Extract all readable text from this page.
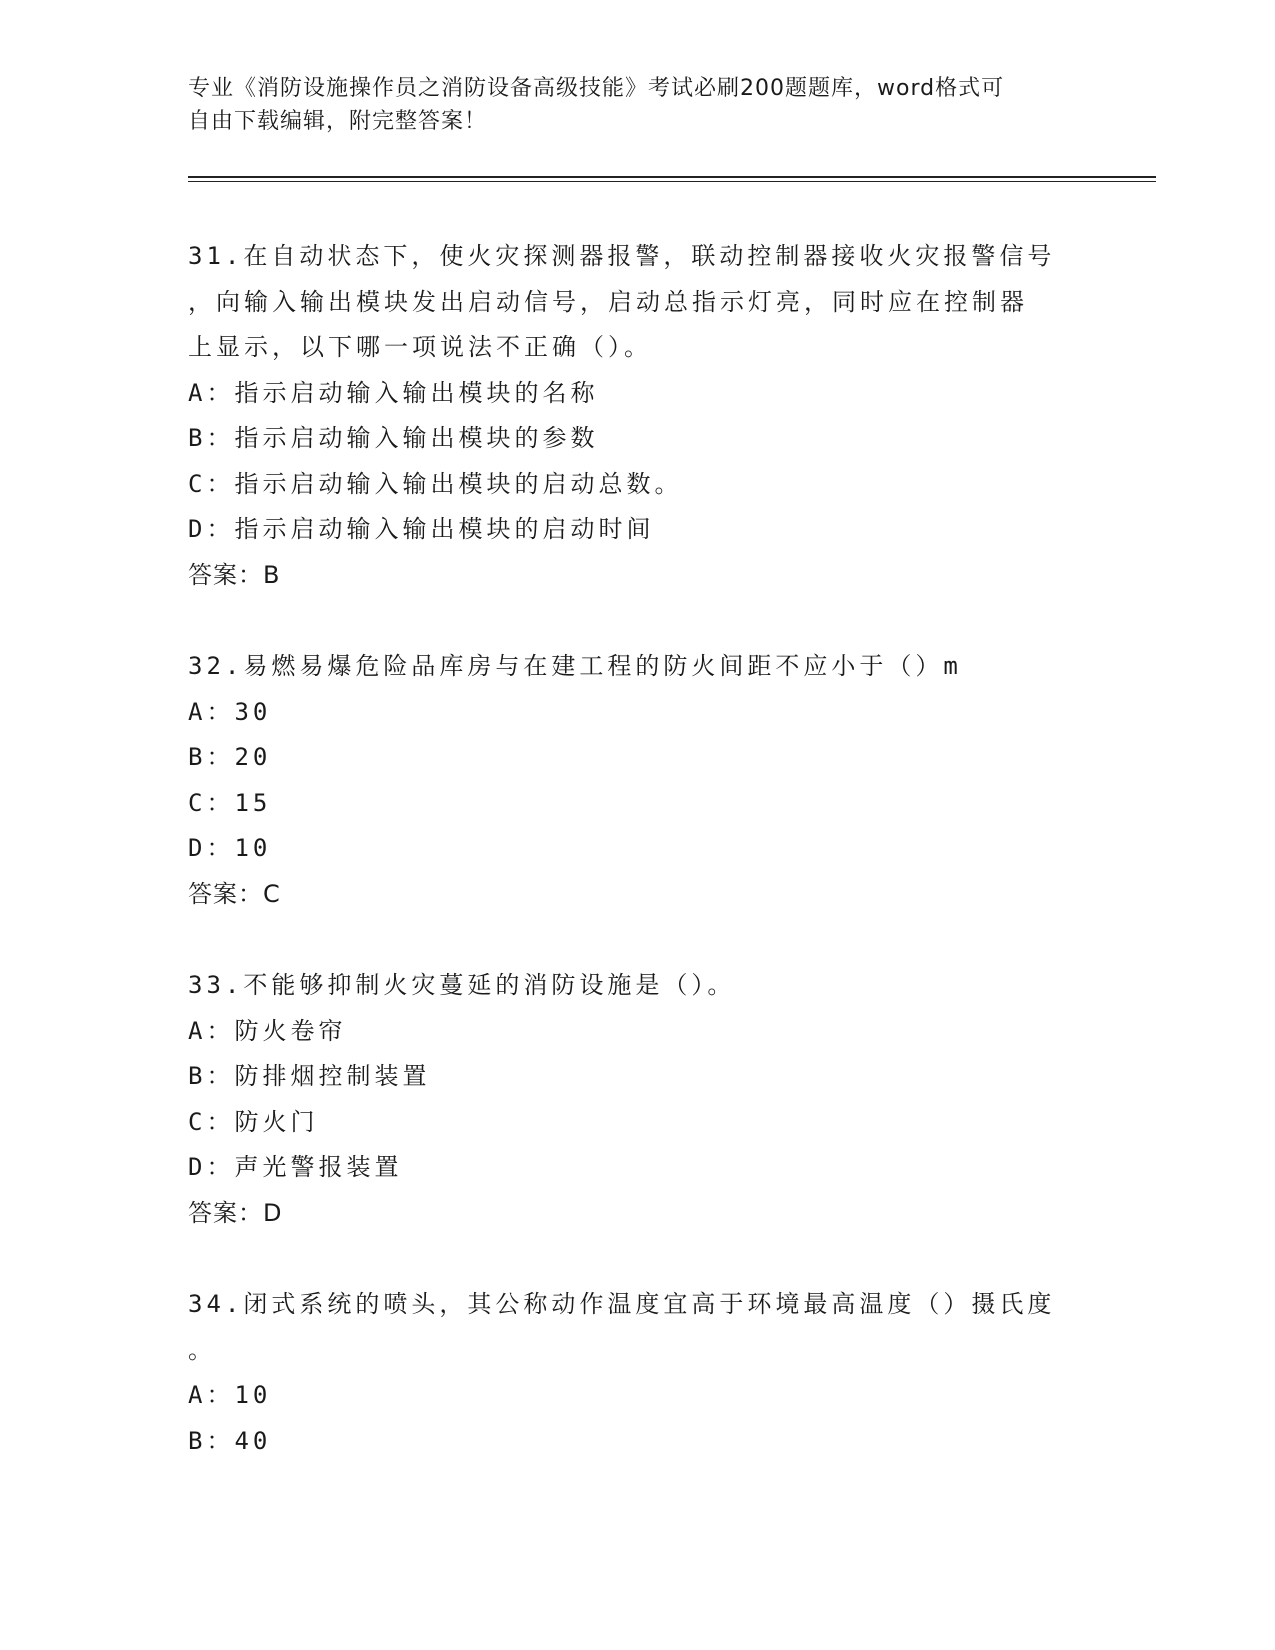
专业《消防设施操作员之消防设备高级技能》考试必刷200题题库，word格式可
自由下载编辑，附完整答案！
31.在自动状态下，使火灾探测器报警，联动控制器接收火灾报警信号
，向输入输出模块发出启动信号，启动总指示灯亮，同时应在控制器
上显示，以下哪一项说法不正确（）。
A：指示启动输入输出模块的名称
B：指示启动输入输出模块的参数
C：指示启动输入输出模块的启动总数。
D：指示启动输入输出模块的启动时间
答案：B
32.易燃易爆危险品库房与在建工程的防火间距不应小于（）m
A：30
B：20
C：15
D：10
答案：C
33.不能够抑制火灾蔓延的消防设施是（）。
A：防火卷帘
B：防排烟控制装置
C：防火门
D：声光警报装置
答案：D
34.闭式系统的喷头，其公称动作温度宜高于环境最高温度（）摄氏度
。
A：10
B：40
